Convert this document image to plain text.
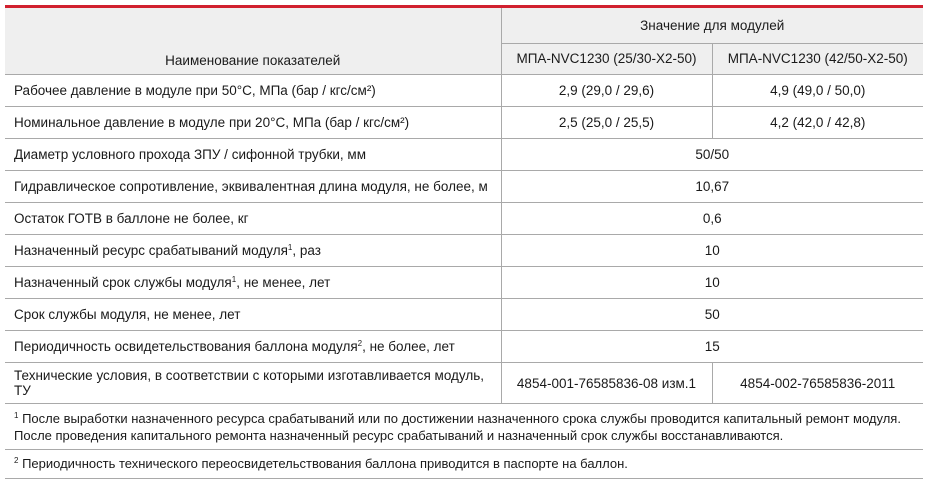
Наименование показателей	Значение для модулей	
	МПА-NVC1230 (25/30-Х2-50)	МПА-NVC1230 (42/50-Х2-50)
Рабочее давление в модуле при 50°С, МПа (бар / кгс/см²)	2,9 (29,0 / 29,6)	4,9 (49,0 / 50,0)
Номинальное давление в модуле при 20°С, МПа (бар / кгс/см²)	2,5 (25,0 / 25,5)	4,2 (42,0 / 42,8)
Диаметр условного прохода ЗПУ / сифонной трубки, мм	50/50	
Гидравлическое сопротивление, эквивалентная длина модуля, не более, м	10,67	
Остаток ГОТВ в баллоне не более, кг	0,6	
Назначенный ресурс срабатываний модуля$^1$, раз	10	
Назначенный срок службы модуля$^1$, не менее, лет	10	
Срок службы модуля, не менее, лет	50	
Периодичность освидетельствования баллона модуля$^2$, не более, лет	15	
Технические условия, в соответствии с которыми изготавливается модуль, ТУ	4854-001-76585836-08 изм.1	4854-002-76585836-2011
$^1$ После выработки назначенного ресурса срабатываний или по достижении назначенного срока службы проводится капитальный ремонт модуля. После проведения капитального ремонта назначенный ресурс срабатываний и назначенный срок службы восстанавливаются.
$^2$ Периодичность технического переосвидетельствования баллона приводится в паспорте на баллон.
